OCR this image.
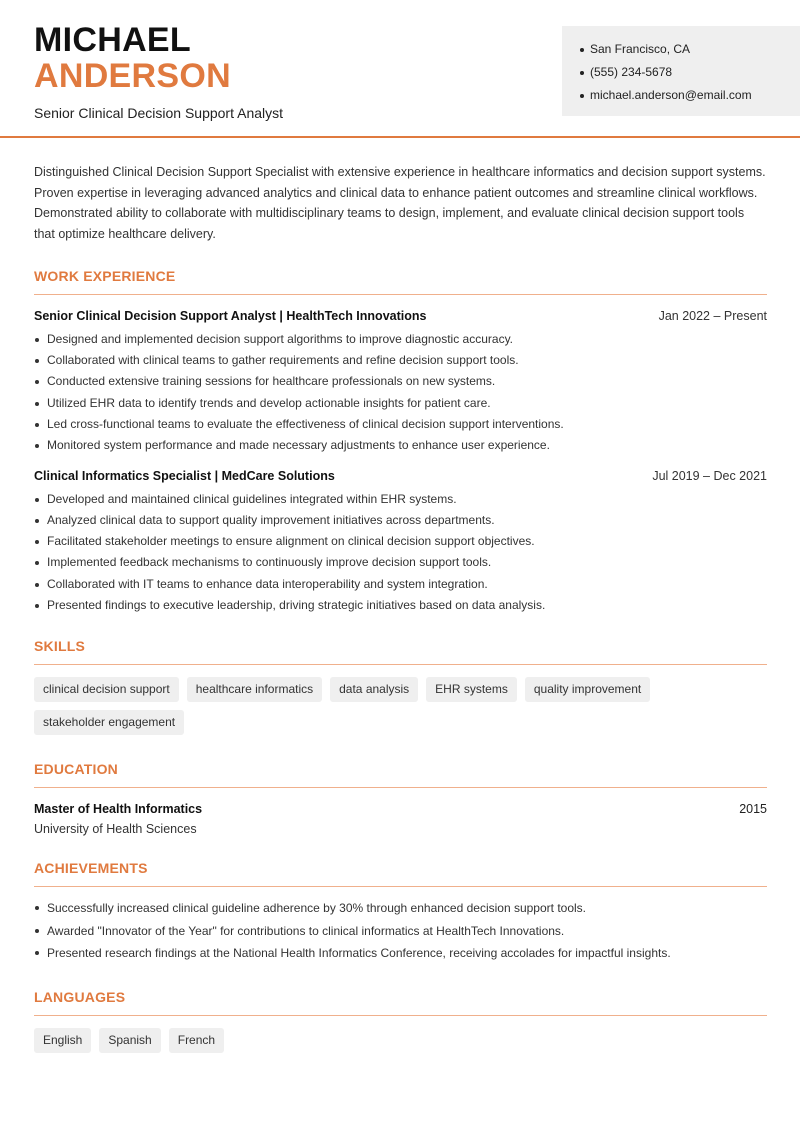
MICHAEL
ANDERSON
Senior Clinical Decision Support Analyst
San Francisco, CA
(555) 234-5678
michael.anderson@email.com

Distinguished Clinical Decision Support Specialist with extensive experience in healthcare informatics and decision support systems. Proven expertise in leveraging advanced analytics and clinical data to enhance patient outcomes and streamline clinical workflows. Demonstrated ability to collaborate with multidisciplinary teams to design, implement, and evaluate clinical decision support tools that optimize healthcare delivery.

WORK EXPERIENCE
Senior Clinical Decision Support Analyst | HealthTech Innovations	Jan 2022 – Present
Designed and implemented decision support algorithms to improve diagnostic accuracy.
Collaborated with clinical teams to gather requirements and refine decision support tools.
Conducted extensive training sessions for healthcare professionals on new systems.
Utilized EHR data to identify trends and develop actionable insights for patient care.
Led cross-functional teams to evaluate the effectiveness of clinical decision support interventions.
Monitored system performance and made necessary adjustments to enhance user experience.
Clinical Informatics Specialist | MedCare Solutions	Jul 2019 – Dec 2021
Developed and maintained clinical guidelines integrated within EHR systems.
Analyzed clinical data to support quality improvement initiatives across departments.
Facilitated stakeholder meetings to ensure alignment on clinical decision support objectives.
Implemented feedback mechanisms to continuously improve decision support tools.
Collaborated with IT teams to enhance data interoperability and system integration.
Presented findings to executive leadership, driving strategic initiatives based on data analysis.
SKILLS
clinical decision support	healthcare informatics	data analysis	EHR systems	quality improvement
stakeholder engagement
EDUCATION
Master of Health Informatics	2015
University of Health Sciences
ACHIEVEMENTS
Successfully increased clinical guideline adherence by 30% through enhanced decision support tools.
Awarded "Innovator of the Year" for contributions to clinical informatics at HealthTech Innovations.
Presented research findings at the National Health Informatics Conference, receiving accolades for impactful insights.
LANGUAGES
English	Spanish	French
